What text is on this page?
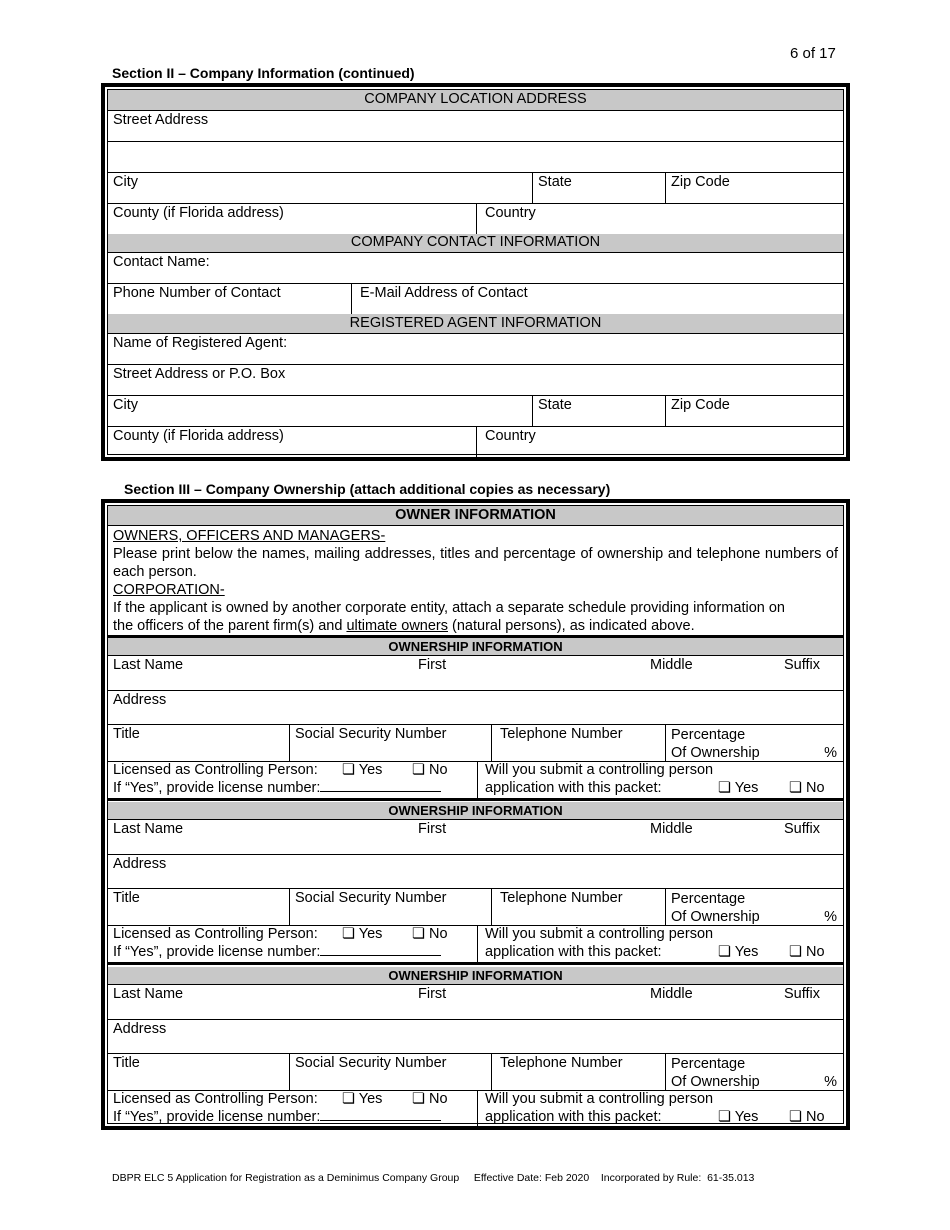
6 of 17
Section II – Company Information (continued)
COMPANY LOCATION ADDRESS
Street Address
City	State	Zip Code
County (if Florida address)	Country
COMPANY CONTACT INFORMATION
Contact Name:
Phone Number of Contact	E-Mail Address of Contact
REGISTERED AGENT INFORMATION
Name of Registered Agent:
Street Address or P.O. Box
City	State	Zip Code
County (if Florida address)	Country
Section III – Company Ownership (attach additional copies as necessary)
OWNER INFORMATION
OWNERS, OFFICERS AND MANAGERS-
Please print below the names, mailing addresses, titles and percentage of ownership and telephone numbers of each person.
CORPORATION-
If the applicant is owned by another corporate entity, attach a separate schedule providing information on
the officers of the parent firm(s) and ultimate owners (natural persons), as indicated above.
OWNERSHIP INFORMATION
Last Name	First	Middle	Suffix
Address
Title	Social Security Number	Telephone Number	Percentage
Of Ownership	%
Licensed as Controlling Person: ❏ Yes ❏ No
If “Yes”, provide license number:
Will you submit a controlling person
application with this packet:	❏ Yes ❏ No
OWNERSHIP INFORMATION
Last Name	First	Middle	Suffix
Address
Title	Social Security Number	Telephone Number	Percentage
Of Ownership	%
Licensed as Controlling Person: ❏ Yes ❏ No
If “Yes”, provide license number:
Will you submit a controlling person
application with this packet:	❏ Yes ❏ No
OWNERSHIP INFORMATION
Last Name	First	Middle	Suffix
Address
Title	Social Security Number	Telephone Number	Percentage
Of Ownership	%
Licensed as Controlling Person: ❏ Yes ❏ No
If “Yes”, provide license number:
Will you submit a controlling person
application with this packet:	❏ Yes ❏ No
DBPR ELC 5 Application for Registration as a Deminimus Company Group     Effective Date: Feb 2020    Incorporated by Rule:  61-35.013
